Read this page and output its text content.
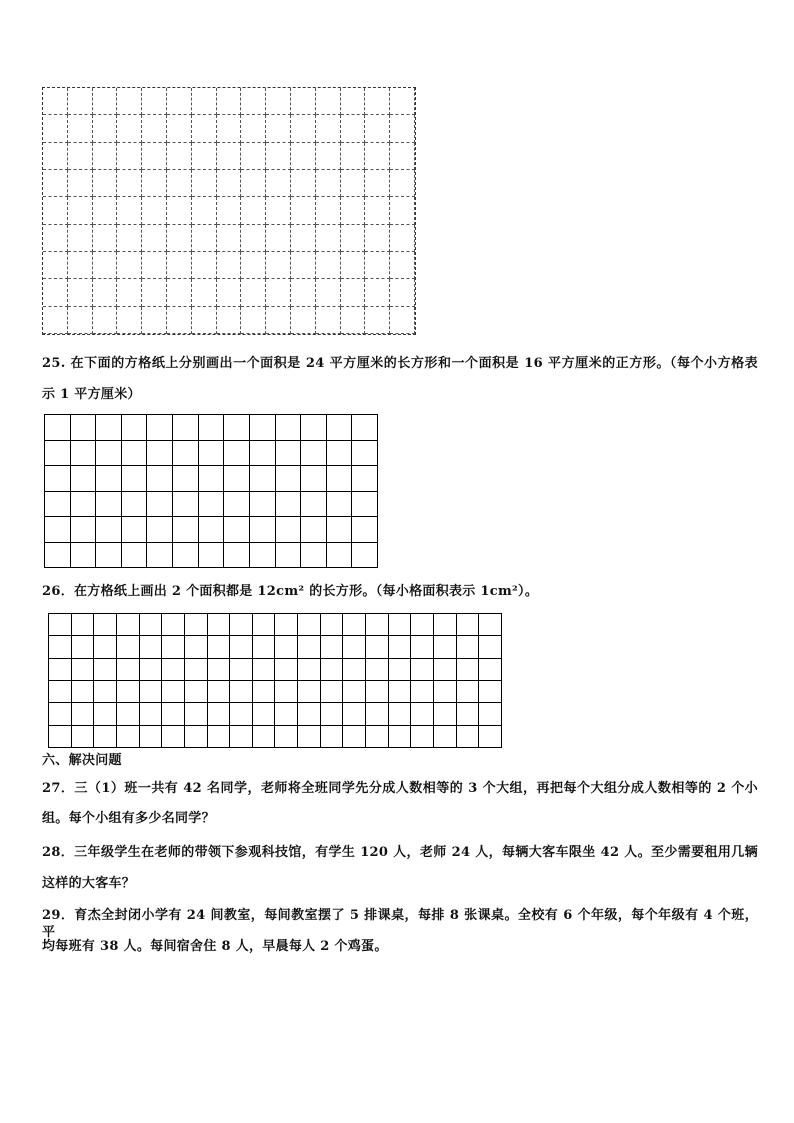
25. 在下面的方格纸上分别画出一个面积是 24 平方厘米的长方形和一个面积是 16 平方厘米的正方形。（每个小方格表
示 1 平方厘米）
26．在方格纸上画出 2 个面积都是 12cm² 的长方形。（每小格面积表示 1cm²）。
六、解决问题
27．三（1）班一共有 42 名同学，老师将全班同学先分成人数相等的 3 个大组，再把每个大组分成人数相等的 2 个小
组。每个小组有多少名同学？
28．三年级学生在老师的带领下参观科技馆，有学生 120 人，老师 24 人，每辆大客车限坐 42 人。至少需要租用几辆
这样的大客车？
29．育杰全封闭小学有 24 间教室，每间教室摆了 5 排课桌，每排 8 张课桌。全校有 6 个年级，每个年级有 4 个班，平
均每班有 38 人。每间宿舍住 8 人，早晨每人 2 个鸡蛋。
